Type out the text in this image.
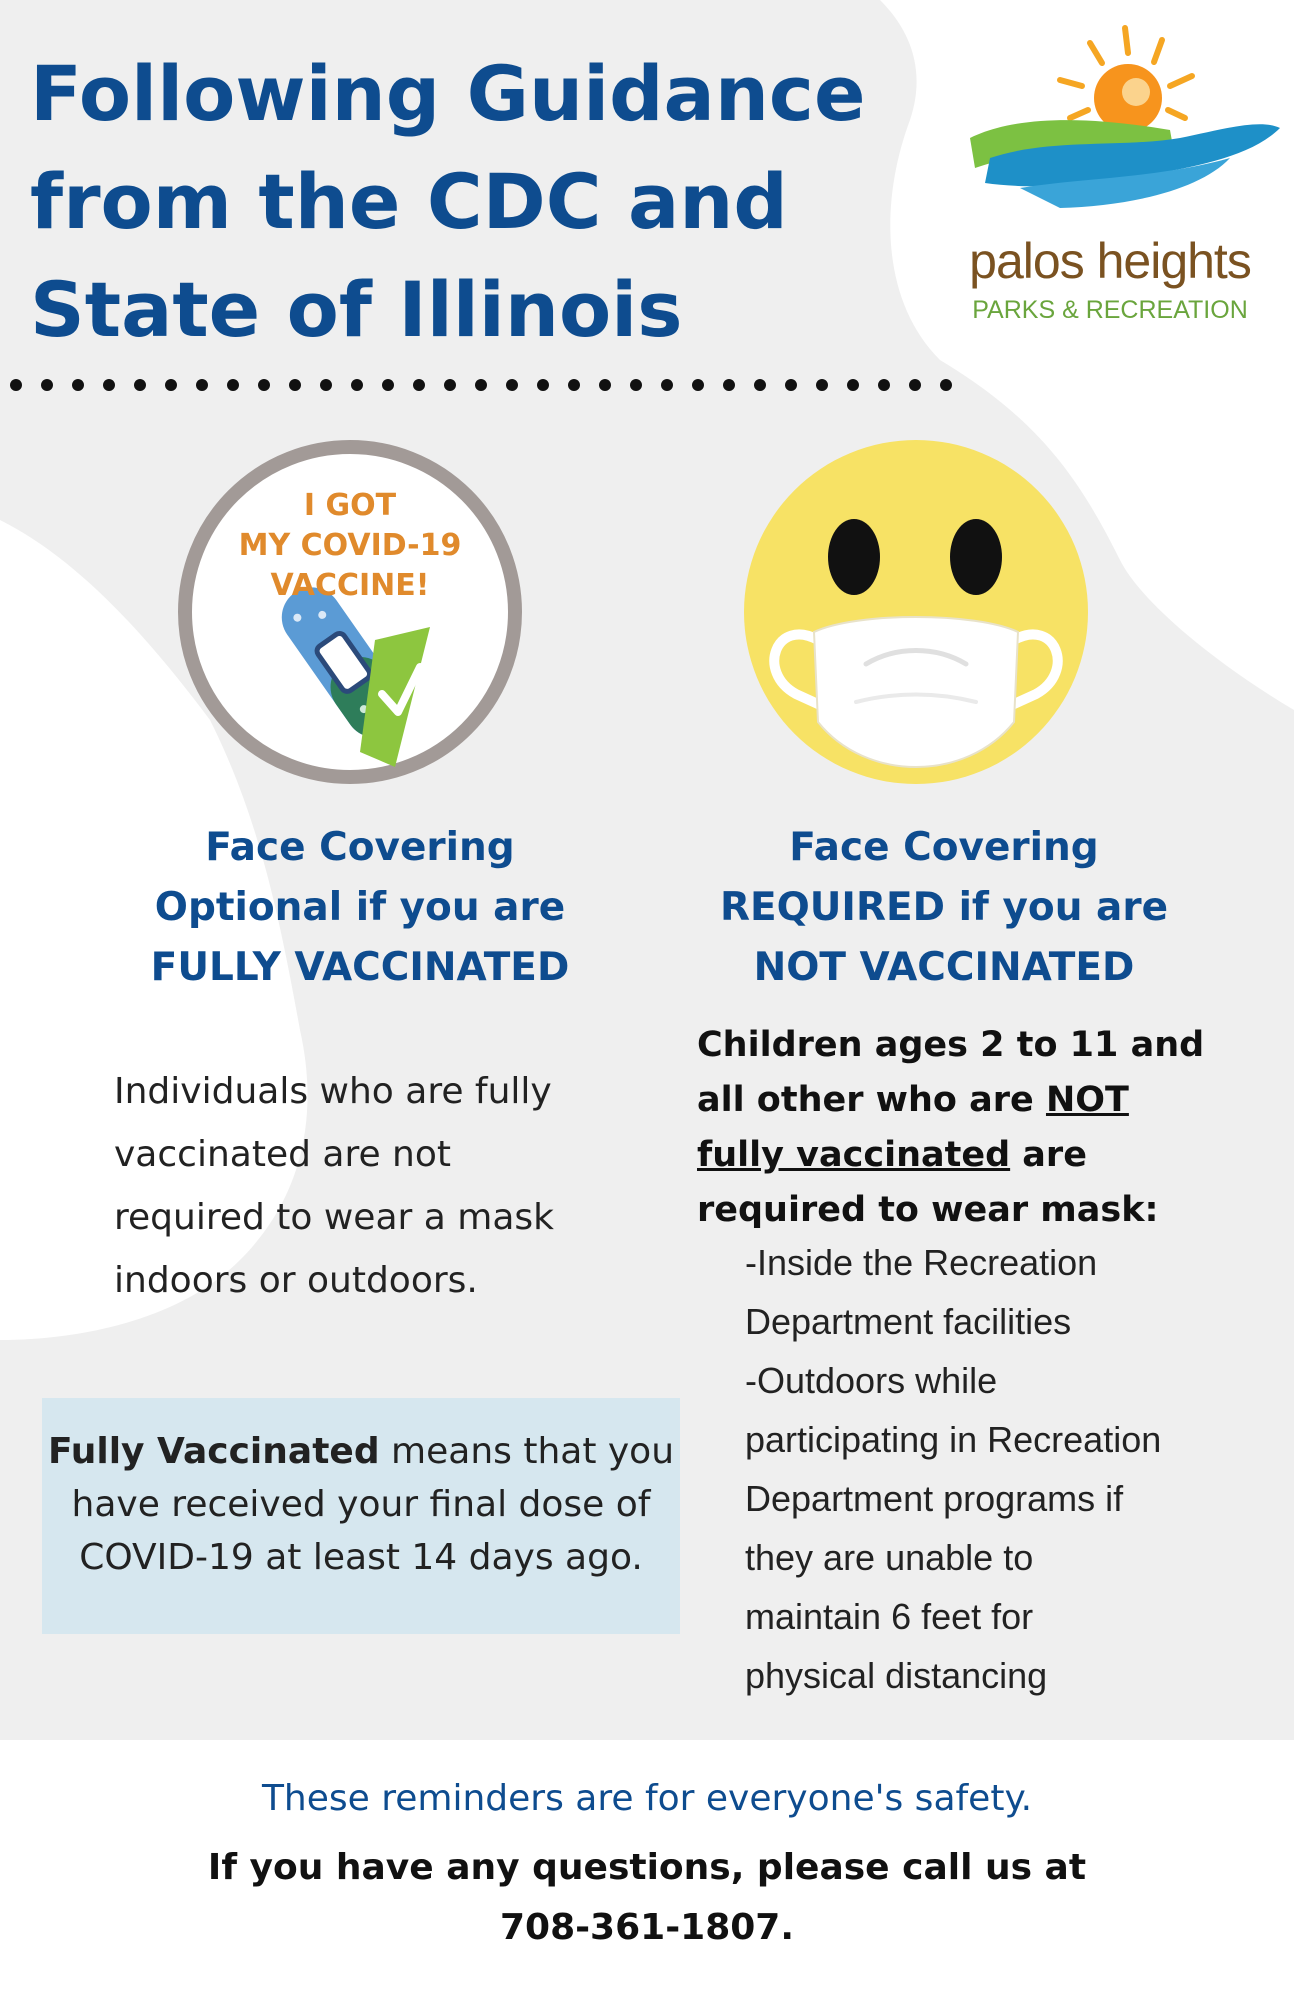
Following Guidance
from the CDC and
State of Illinois
palos heights
PARKS & RECREATION
I GOT
MY COVID-19
VACCINE!
Face Covering
Optional if you are
FULLY VACCINATED
Individuals who are fully
vaccinated are not
required to wear a mask
indoors or outdoors.
Fully Vaccinated means that you
have received your final dose of
COVID-19 at least 14 days ago.
Face Covering
REQUIRED if you are
NOT VACCINATED
Children ages 2 to 11 and
all other who are NOT
fully vaccinated are
required to wear mask:
-Inside the Recreation
Department facilities
-Outdoors while
participating in Recreation
Department programs if
they are unable to
maintain 6 feet for
physical distancing
These reminders are for everyone's safety.
If you have any questions, please call us at
708-361-1807.
